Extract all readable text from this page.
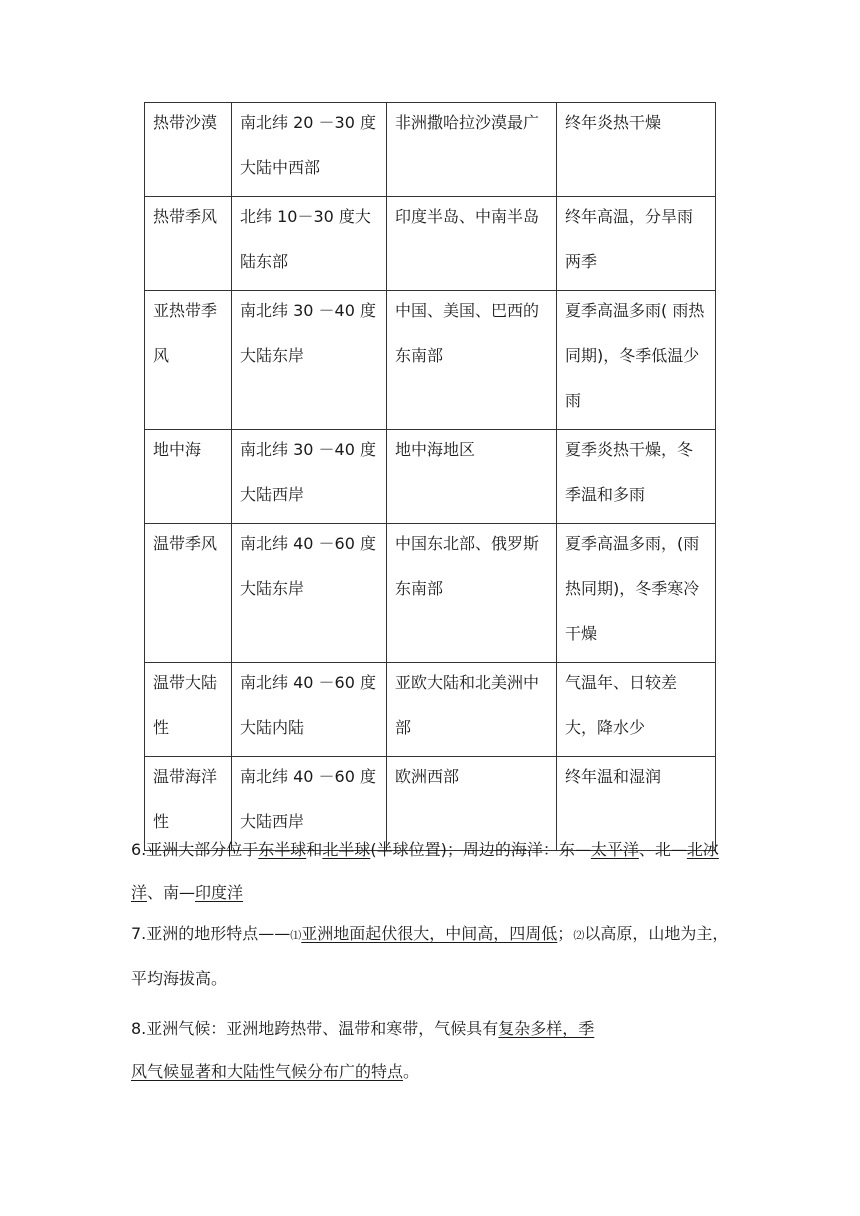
热带沙漠	南北纬 20 －30 度大陆中西部	非洲撒哈拉沙漠最广	终年炎热干燥

热带季风	北纬 10－30 度大陆东部	印度半岛、中南半岛	终年高温，分旱雨两季

亚热带季风	南北纬 30 －40 度大陆东岸	中国、美国、巴西的东南部	夏季高温多雨( 雨热同期)，冬季低温少雨

地中海	南北纬 30 －40 度大陆西岸	地中海地区	夏季炎热干燥，冬季温和多雨

温带季风	南北纬 40 －60 度大陆东岸	中国东北部、俄罗斯东南部	夏季高温多雨，(雨热同期)，冬季寒冷干燥

温带大陆性	南北纬 40 －60 度大陆内陆	亚欧大陆和北美洲中部	气温年、日较差大，降水少

温带海洋性	南北纬 40 －60 度大陆西岸	欧洲西部	终年温和湿润
6.亚洲大部分位于东半球和北半球(半球位置)；周边的海洋：东—太平洋、北—北冰洋、南—印度洋
7.亚洲的地形特点——⑴亚洲地面起伏很大，中间高，四周低；⑵以高原，山地为主，平均海拔高。
8.亚洲气候：亚洲地跨热带、温带和寒带，气候具有复杂多样，季
风气候显著和大陆性气候分布广的特点。
